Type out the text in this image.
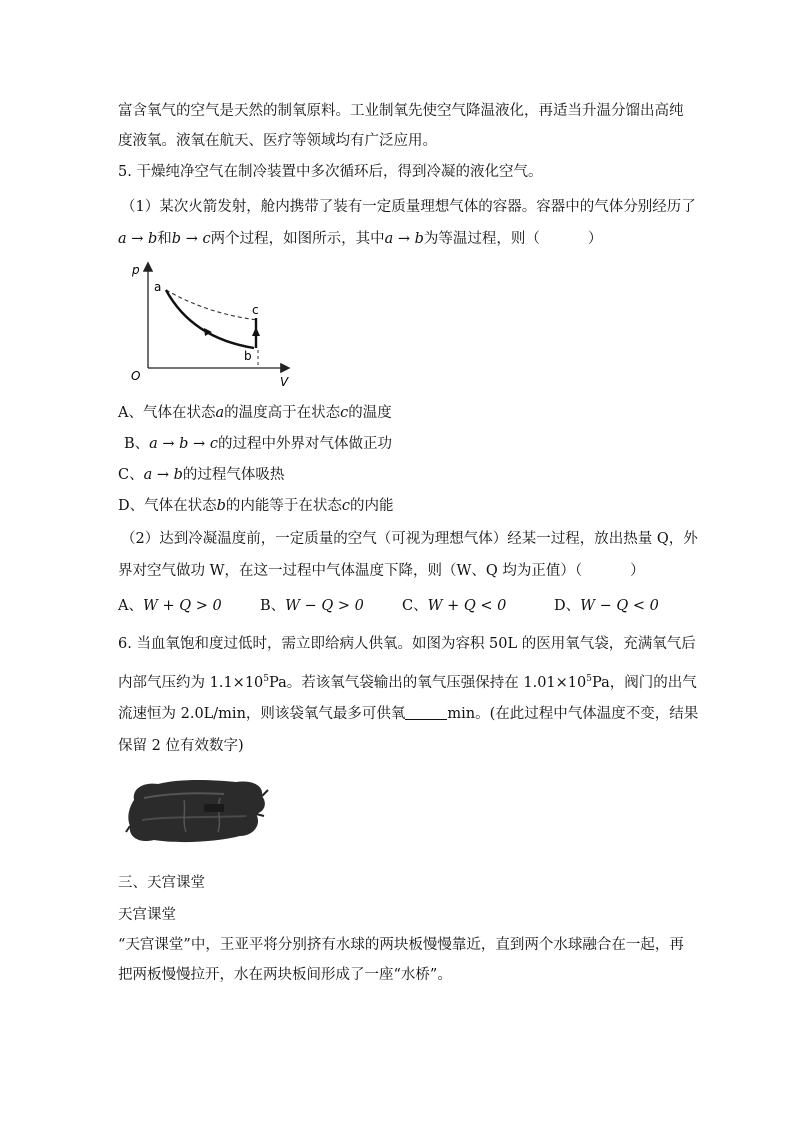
富含氧气的空气是天然的制氧原料。工业制氧先使空气降温液化，再适当升温分馏出高纯
度液氧。液氧在航天、医疗等领域均有广泛应用。
5. 干燥纯净空气在制冷装置中多次循环后，得到冷凝的液化空气。
（1）某次火箭发射，舱内携带了装有一定质量理想气体的容器。容器中的气体分别经历了
a → b和b → c两个过程，如图所示，其中a → b为等温过程，则（	）
p
V
O
a
b
c
A、气体在状态a的温度高于在状态c的温度
B、a → b → c的过程中外界对气体做正功
C、a → b的过程气体吸热
D、气体在状态b的内能等于在状态c的内能
（2）达到冷凝温度前，一定质量的空气（可视为理想气体）经某一过程，放出热量 Q，外
界对空气做功 W，在这一过程中气体温度下降，则（W、Q 均为正值）（	）
A、W + Q > 0	B、W − Q > 0	C、W + Q < 0	D、W − Q < 0
6. 当血氧饱和度过低时，需立即给病人供氧。如图为容积 50L 的医用氧气袋，充满氧气后
内部气压约为 $1.1\times 10^5Pa$。若该氧气袋输出的氧气压强保持在 $1.01\times 10^5Pa$，阀门的出气
流速恒为 2.0L/min，则该袋氧气最多可供氧	min。(在此过程中气体温度不变，结果
保留 2 位有效数字)
三、天宫课堂
天宫课堂
“天宫课堂”中，王亚平将分别挤有水球的两块板慢慢靠近，直到两个水球融合在一起，再
把两板慢慢拉开，水在两块板间形成了一座“水桥”。
